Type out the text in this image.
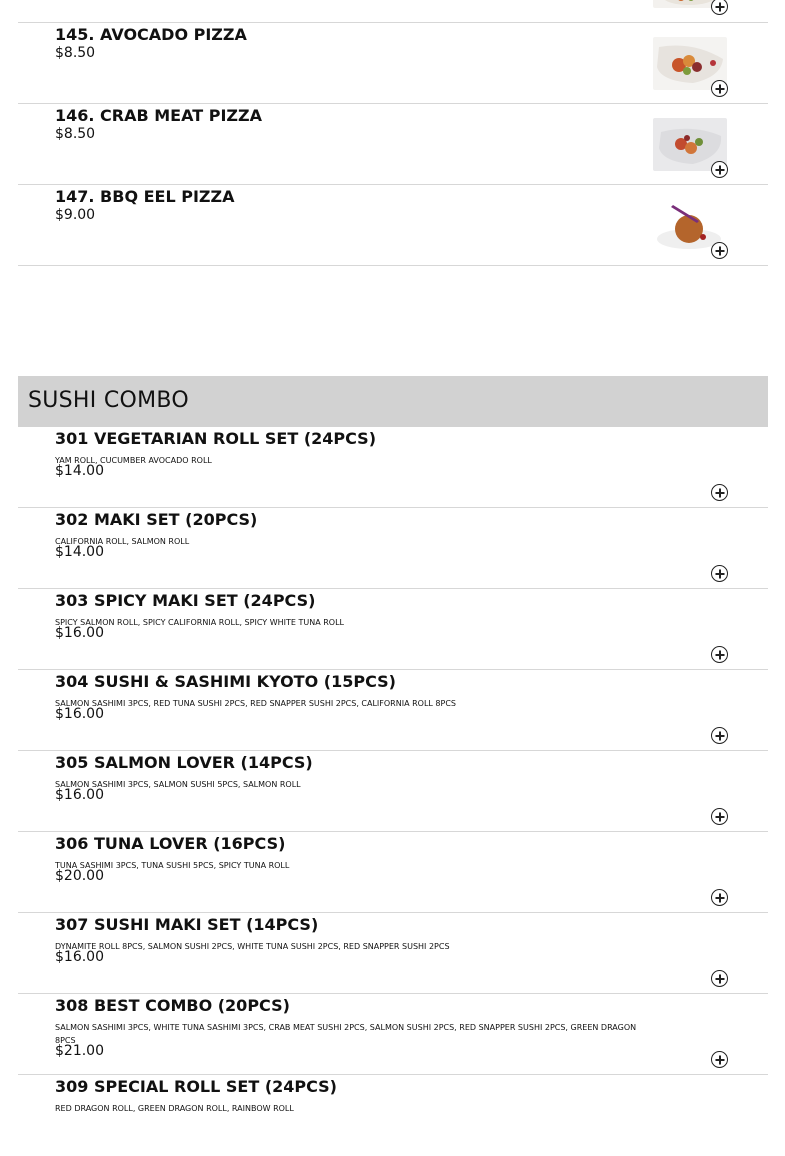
145. AVOCADO PIZZA
$8.50
146. CRAB MEAT PIZZA
$8.50
147. BBQ EEL PIZZA
$9.00
SUSHI COMBO
301 VEGETARIAN ROLL SET (24PCS)
YAM ROLL, CUCUMBER AVOCADO ROLL
$14.00
302 MAKI SET (20PCS)
CALIFORNIA ROLL, SALMON ROLL
$14.00
303 SPICY MAKI SET (24PCS)
SPICY SALMON ROLL, SPICY CALIFORNIA ROLL, SPICY WHITE TUNA ROLL
$16.00
304 SUSHI & SASHIMI KYOTO (15PCS)
SALMON SASHIMI 3PCS, RED TUNA SUSHI 2PCS, RED SNAPPER SUSHI 2PCS, CALIFORNIA ROLL 8PCS
$16.00
305 SALMON LOVER (14PCS)
SALMON SASHIMI 3PCS, SALMON SUSHI 5PCS, SALMON ROLL
$16.00
306 TUNA LOVER (16PCS)
TUNA SASHIMI 3PCS, TUNA SUSHI 5PCS, SPICY TUNA ROLL
$20.00
307 SUSHI MAKI SET (14PCS)
DYNAMITE ROLL 8PCS, SALMON SUSHI 2PCS, WHITE TUNA SUSHI 2PCS, RED SNAPPER SUSHI 2PCS
$16.00
308 BEST COMBO (20PCS)
SALMON SASHIMI 3PCS, WHITE TUNA SASHIMI 3PCS, CRAB MEAT SUSHI 2PCS, SALMON SUSHI 2PCS, RED SNAPPER SUSHI 2PCS, GREEN DRAGON 8PCS
$21.00
309 SPECIAL ROLL SET (24PCS)
RED DRAGON ROLL, GREEN DRAGON ROLL, RAINBOW ROLL
